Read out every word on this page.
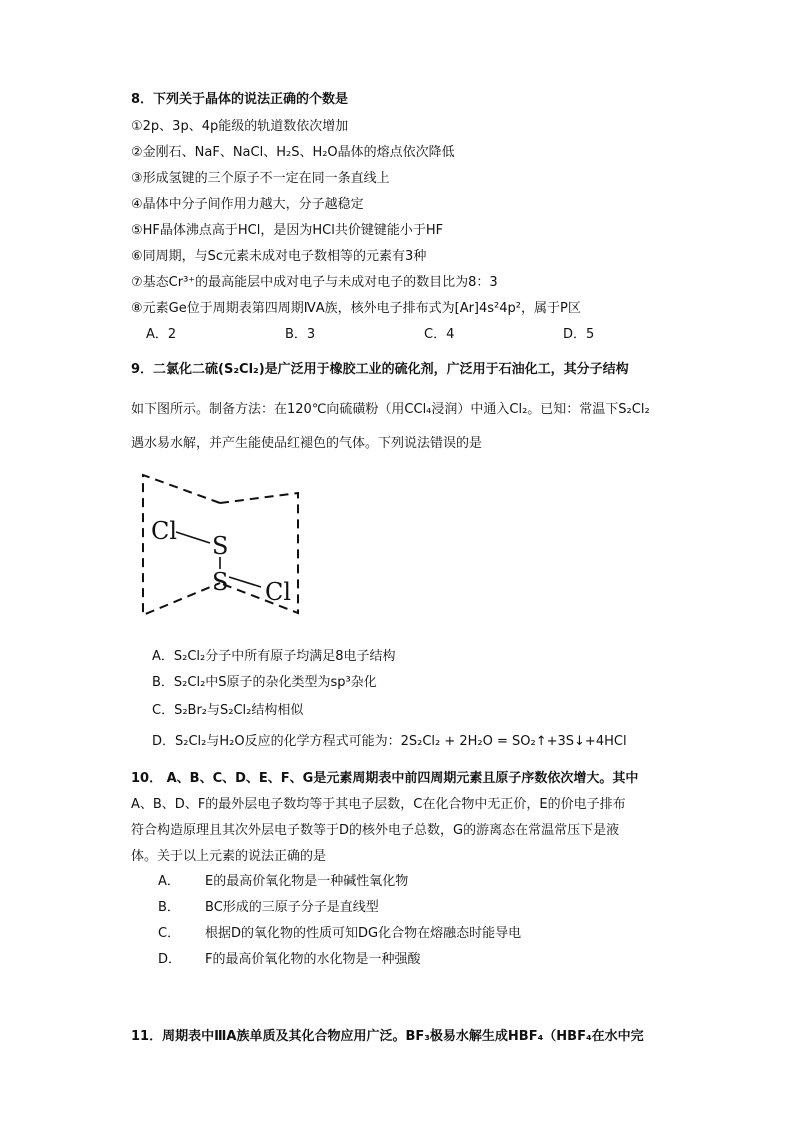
8．下列关于晶体的说法正确的个数是
①2p、3p、4p能级的轨道数依次增加
②金刚石、NaF、NaCl、H₂S、H₂O晶体的熔点依次降低
③形成氢键的三个原子不一定在同一条直线上
④晶体中分子间作用力越大，分子越稳定
⑤HF晶体沸点高于HCl，是因为HCl共价键键能小于HF
⑥同周期，与Sc元素未成对电子数相等的元素有3种
⑦基态Cr³⁺的最高能层中成对电子与未成对电子的数目比为8：3
⑧元素Ge位于周期表第四周期ⅣA族，核外电子排布式为[Ar]4s²4p²，属于P区
A．2	B．3	C．4	D．5
9．二氯化二硫(S₂Cl₂)是广泛用于橡胶工业的硫化剂，广泛用于石油化工，其分子结构
如下图所示。制备方法：在120℃向硫磺粉（用CCl₄浸润）中通入Cl₂。已知：常温下S₂Cl₂
遇水易水解，并产生能使品红褪色的气体。下列说法错误的是
Cl
S
S Cl
A．S₂Cl₂分子中所有原子均满足8电子结构
B．S₂Cl₂中S原子的杂化类型为sp³杂化
C．S₂Br₂与S₂Cl₂结构相似
D．S₂Cl₂与H₂O反应的化学方程式可能为：2S₂Cl₂ + 2H₂O = SO₂↑+3S↓+4HCl
10． A、B、C、D、E、F、G是元素周期表中前四周期元素且原子序数依次增大。其中
A、B、D、F的最外层电子数均等于其电子层数，C在化合物中无正价，E的价电子排布
符合构造原理且其次外层电子数等于D的核外电子总数，G的游离态在常温常压下是液
体。关于以上元素的说法正确的是
A． E的最高价氧化物是一种碱性氧化物
B． BC形成的三原子分子是直线型
C． 根据D的氧化物的性质可知DG化合物在熔融态时能导电
D． F的最高价氧化物的水化物是一种强酸
11．周期表中ⅢA族单质及其化合物应用广泛。BF₃极易水解生成HBF₄（HBF₄在水中完
